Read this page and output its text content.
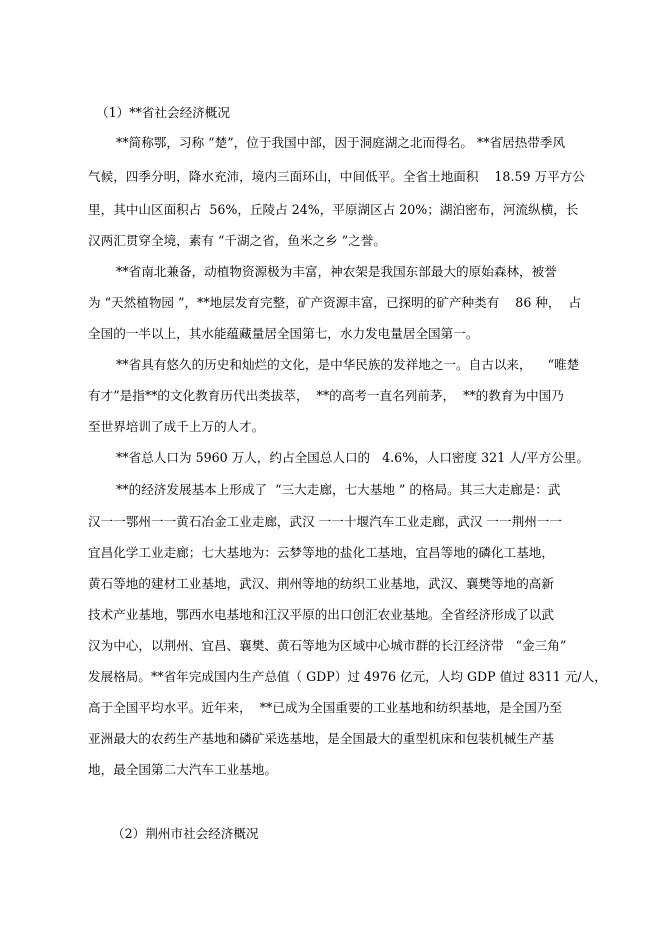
（1）**省社会经济概况
**简称鄂，习称 “楚”，位于我国中部，因于洞庭湖之北而得名。 **省居热带季风
气候，四季分明，降水充沛，境内三面环山，中间低平。全省土地面积    18.59 万平方公
里，其中山区面积占  56%，丘陵占 24%，平原湖区占 20%；湖泊密布，河流纵横，长
汉两汇贯穿全境，素有 “千湖之省，鱼米之乡 ”之誉。
**省南北兼备，动植物资源极为丰富，神农架是我国东部最大的原始森林，被誉
为 “天然植物园 ”，**地层发育完整，矿产资源丰富，已探明的矿产种类有    86 种，  占
全国的一半以上，其水能蕴藏量居全国第七，水力发电量居全国第一。
**省具有悠久的历史和灿烂的文化，是中华民族的发祥地之一。自古以来，    “唯楚
有才”是指**的文化教育历代出类拔萃，  **的高考一直名列前茅，  **的教育为中国乃
至世界培训了成千上万的人才。
**省总人口为 5960 万人，约占全国总人口的   4.6%，人口密度 321 人/平方公里。
**的经济发展基本上形成了  “三大走廊，七大基地 ” 的格局。其三大走廊是：武
汉一一鄂州一一黄石冶金工业走廊，武汉 一一十堰汽车工业走廊，武汉 一一荆州一一
宜昌化学工业走廊；七大基地为：云梦等地的盐化工基地，宜昌等地的磷化工基地，
黄石等地的建材工业基地，武汉、荆州等地的纺织工业基地，武汉、襄樊等地的高新
技术产业基地，鄂西水电基地和江汉平原的出口创汇农业基地。全省经济形成了以武
汉为中心，以荆州、宜昌、襄樊、黄石等地为区域中心城市群的长江经济带   “金三角”
发展格局。**省年完成国内生产总值（ GDP）过 4976 亿元，人均 GDP 值过 8311 元/人，
高于全国平均水平。近年来，  **已成为全国重要的工业基地和纺织基地，是全国乃至
亚洲最大的农药生产基地和磷矿采选基地，是全国最大的重型机床和包装机械生产基
地，最全国第二大汽车工业基地。
（2）荆州市社会经济概况
